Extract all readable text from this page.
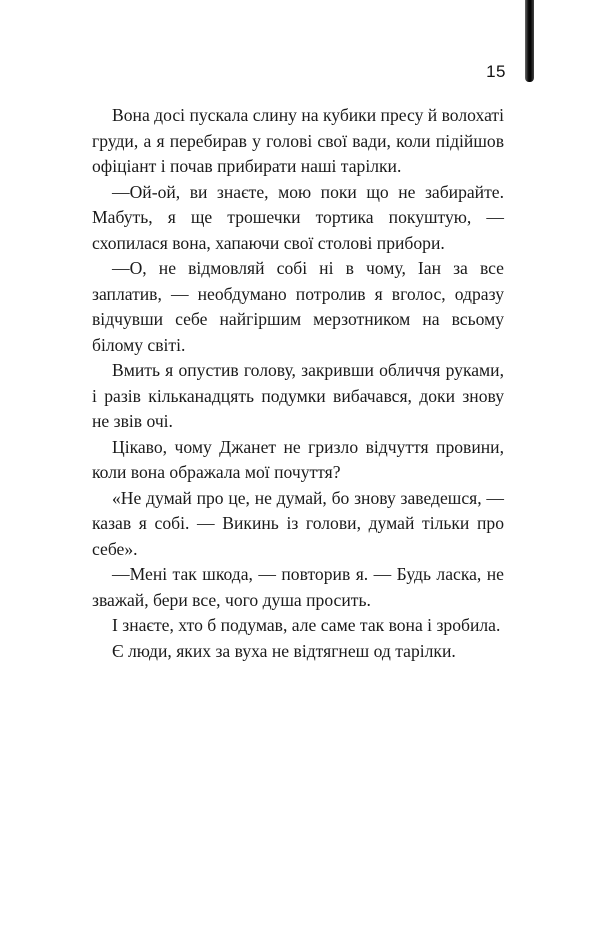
15

Вона досі пускала слину на кубики пресу й волохаті груди, а я перебирав у голові свої вади, коли підійшов офіціант і почав прибирати наші тарілки.

—Ой-ой, ви знаєте, мою поки що не забирайте. Мабуть, я ще трошечки тортика покуштую, — схопилася вона, хапаючи свої столові прибори.

—О, не відмовляй собі ні в чому, Іан за все заплатив, — необдумано потролив я вголос, одразу відчувши себе найгіршим мерзотником на всьому білому світі.

Вмить я опустив голову, закривши обличчя руками, і разів кільканадцять подумки вибачався, доки знову не звів очі.

Цікаво, чому Джанет не гризло відчуття провини, коли вона ображала мої почуття?

«Не думай про це, не думай, бо знову заведешся, — казав я собі. — Викинь із голови, думай тільки про себе».

—Мені так шкода, — повторив я. — Будь ласка, не зважай, бери все, чого душа просить.

І знаєте, хто б подумав, але саме так вона і зробила.

Є люди, яких за вуха не відтягнеш од тарілки.
